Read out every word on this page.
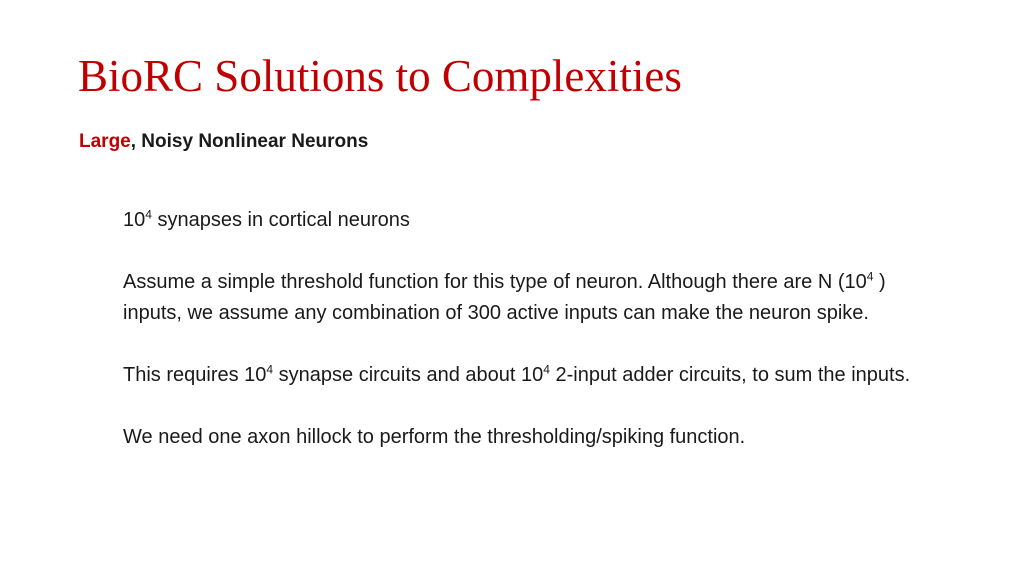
BioRC Solutions to Complexities
Large, Noisy Nonlinear Neurons

$10^4$ synapses in cortical neurons

Assume a simple threshold function for this type of neuron. Although there are N ($10^4$ ) inputs, we assume any combination of 300 active inputs can make the neuron spike.

This requires $10^4$ synapse circuits and about $10^4$ 2-input adder circuits, to sum the inputs.

We need one axon hillock to perform the thresholding/spiking function.
